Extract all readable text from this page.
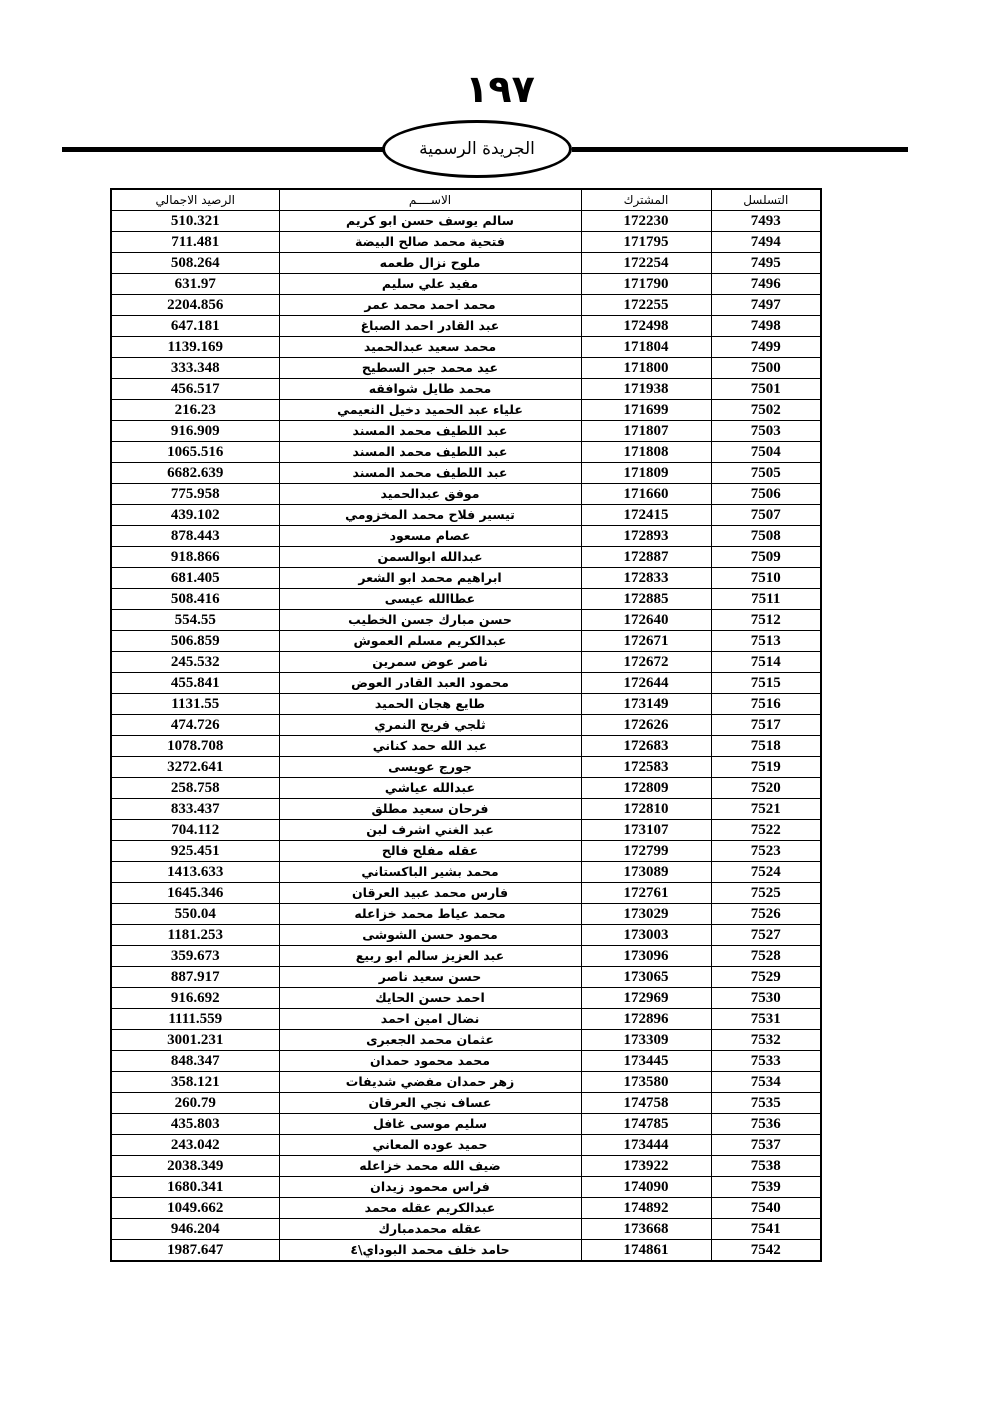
١٩٧
الجريدة الرسمية
التسلسل	المشترك	الاســــم	الرصيد الاجمالي
7493	172230	سالم يوسف حسن ابو كريم	510.321
7494	171795	فتحية محمد صالح البيضة	711.481
7495	172254	ملوح نزال طعمه	508.264
7496	171790	مفيد علي سليم	631.97
7497	172255	محمد احمد محمد عمر	2204.856
7498	172498	عبد القادر احمد الصباغ	647.181
7499	171804	محمد سعيد عبدالحميد	1139.169
7500	171800	عيد محمد جبر السطيح	333.348
7501	171938	محمد طايل شوافقه	456.517
7502	171699	علياء عبد الحميد دخيل النعيمي	216.23
7503	171807	عبد اللطيف محمد المسند	916.909
7504	171808	عبد اللطيف محمد المسند	1065.516
7505	171809	عبد اللطيف محمد المسند	6682.639
7506	171660	موفق عبدالحميد	775.958
7507	172415	تيسير فلاح محمد المخزومي	439.102
7508	172893	عصام مسعود	878.443
7509	172887	عبدالله ابوالسمن	918.866
7510	172833	ابراهيم محمد ابو الشعر	681.405
7511	172885	عطاالله عيسى	508.416
7512	172640	حسن مبارك جسن الخطيب	554.55
7513	172671	عبدالكريم مسلم العموش	506.859
7514	172672	ناصر عوض سمرين	245.532
7515	172644	محمود العبد القادر العوض	455.841
7516	173149	طايع هجان الحميد	1131.55
7517	172626	ثلجي فريح النمري	474.726
7518	172683	عبد الله حمد كناني	1078.708
7519	172583	جورج عويسى	3272.641
7520	172809	عبدالله عياشي	258.758
7521	172810	فرحان سعيد مطلق	833.437
7522	173107	عبد الغني اشرف لبن	704.112
7523	172799	عقله مفلح فالح	925.451
7524	173089	محمد بشير الباكستاني	1413.633
7525	172761	فارس محمد عبيد العرقان	1645.346
7526	173029	محمد عياط محمد خزاعله	550.04
7527	173003	محمود حسن الشوشى	1181.253
7528	173096	عبد العزيز سالم ابو ربيع	359.673
7529	173065	حسن سعيد ناصر	887.917
7530	172969	احمد حسن الحايك	916.692
7531	172896	نضال امين احمد	1111.559
7532	173309	عثمان محمد الجعبرى	3001.231
7533	173445	محمد محمود حمدان	848.347
7534	173580	زهر حمدان مفضي شديفات	358.121
7535	174758	عساف نجي العرقان	260.79
7536	174785	سليم موسى غافل	435.803
7537	173444	حميد عوده المعاني	243.042
7538	173922	ضيف الله محمد خزاعله	2038.349
7539	174090	فراس محمود زيدان	1680.341
7540	174892	عبدالكريم عقله محمد	1049.662
7541	173668	عقله محمدمبارك	946.204
7542	174861	حامد خلف محمد البوداي\٤	1987.647
